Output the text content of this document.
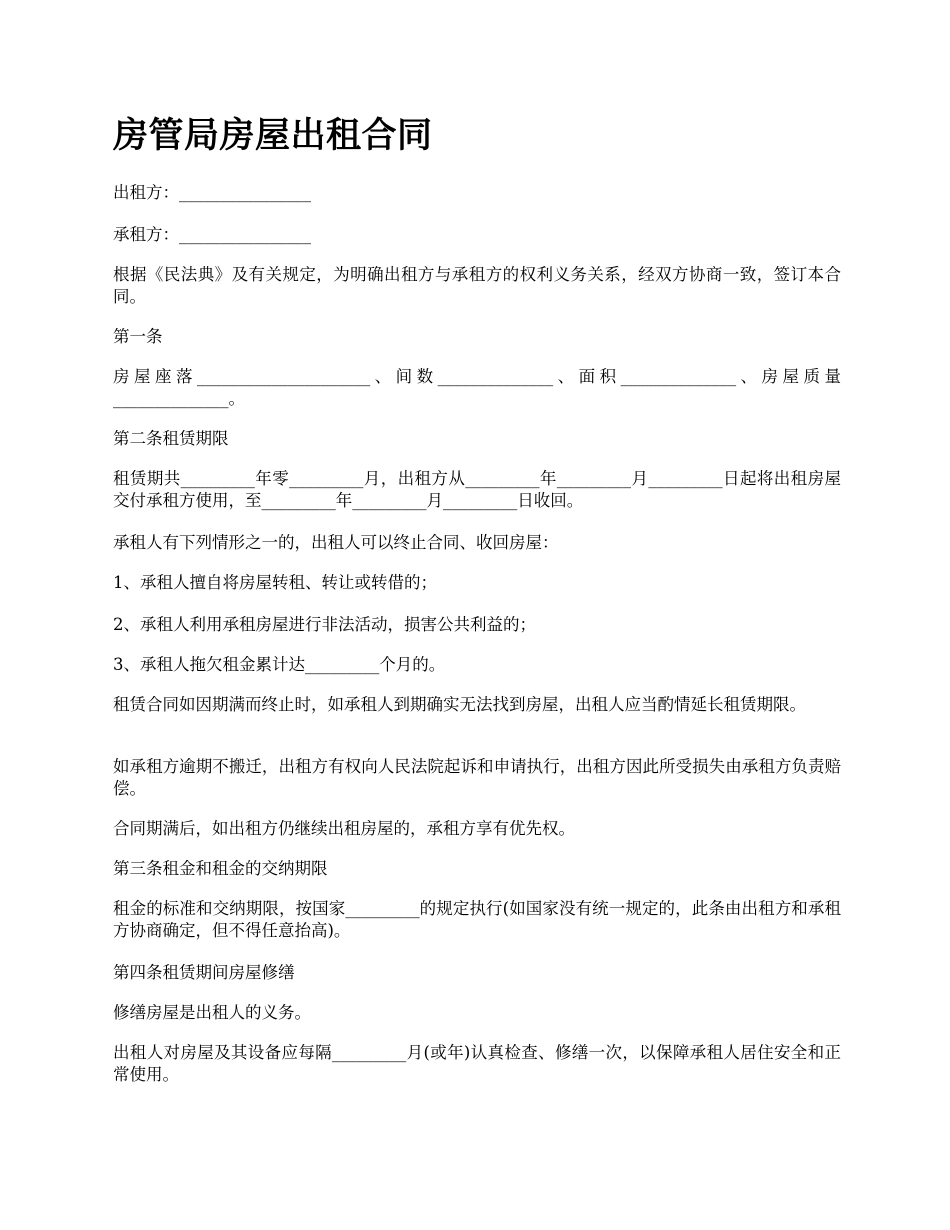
房管局房屋出租合同

出租方：________________

承租方：________________

根据《民法典》及有关规定，为明确出租方与承租方的权利义务关系，经双方协商一致，签订本合同。

第一条

房屋座落_____________________、间数______________、面积______________、房屋质量______________。

第二条租赁期限

租赁期共_________年零_________月，出租方从_________年_________月_________日起将出租房屋交付承租方使用，至_________年_________月_________日收回。

承租人有下列情形之一的，出租人可以终止合同、收回房屋：

1、承租人擅自将房屋转租、转让或转借的；

2、承租人利用承租房屋进行非法活动，损害公共利益的；

3、承租人拖欠租金累计达_________个月的。

租赁合同如因期满而终止时，如承租人到期确实无法找到房屋，出租人应当酌情延长租赁期限。

如承租方逾期不搬迁，出租方有权向人民法院起诉和申请执行，出租方因此所受损失由承租方负责赔偿。

合同期满后，如出租方仍继续出租房屋的，承租方享有优先权。

第三条租金和租金的交纳期限

租金的标准和交纳期限，按国家_________的规定执行(如国家没有统一规定的，此条由出租方和承租方协商确定，但不得任意抬高)。

第四条租赁期间房屋修缮

修缮房屋是出租人的义务。

出租人对房屋及其设备应每隔_________月(或年)认真检查、修缮一次，以保障承租人居住安全和正常使用。
